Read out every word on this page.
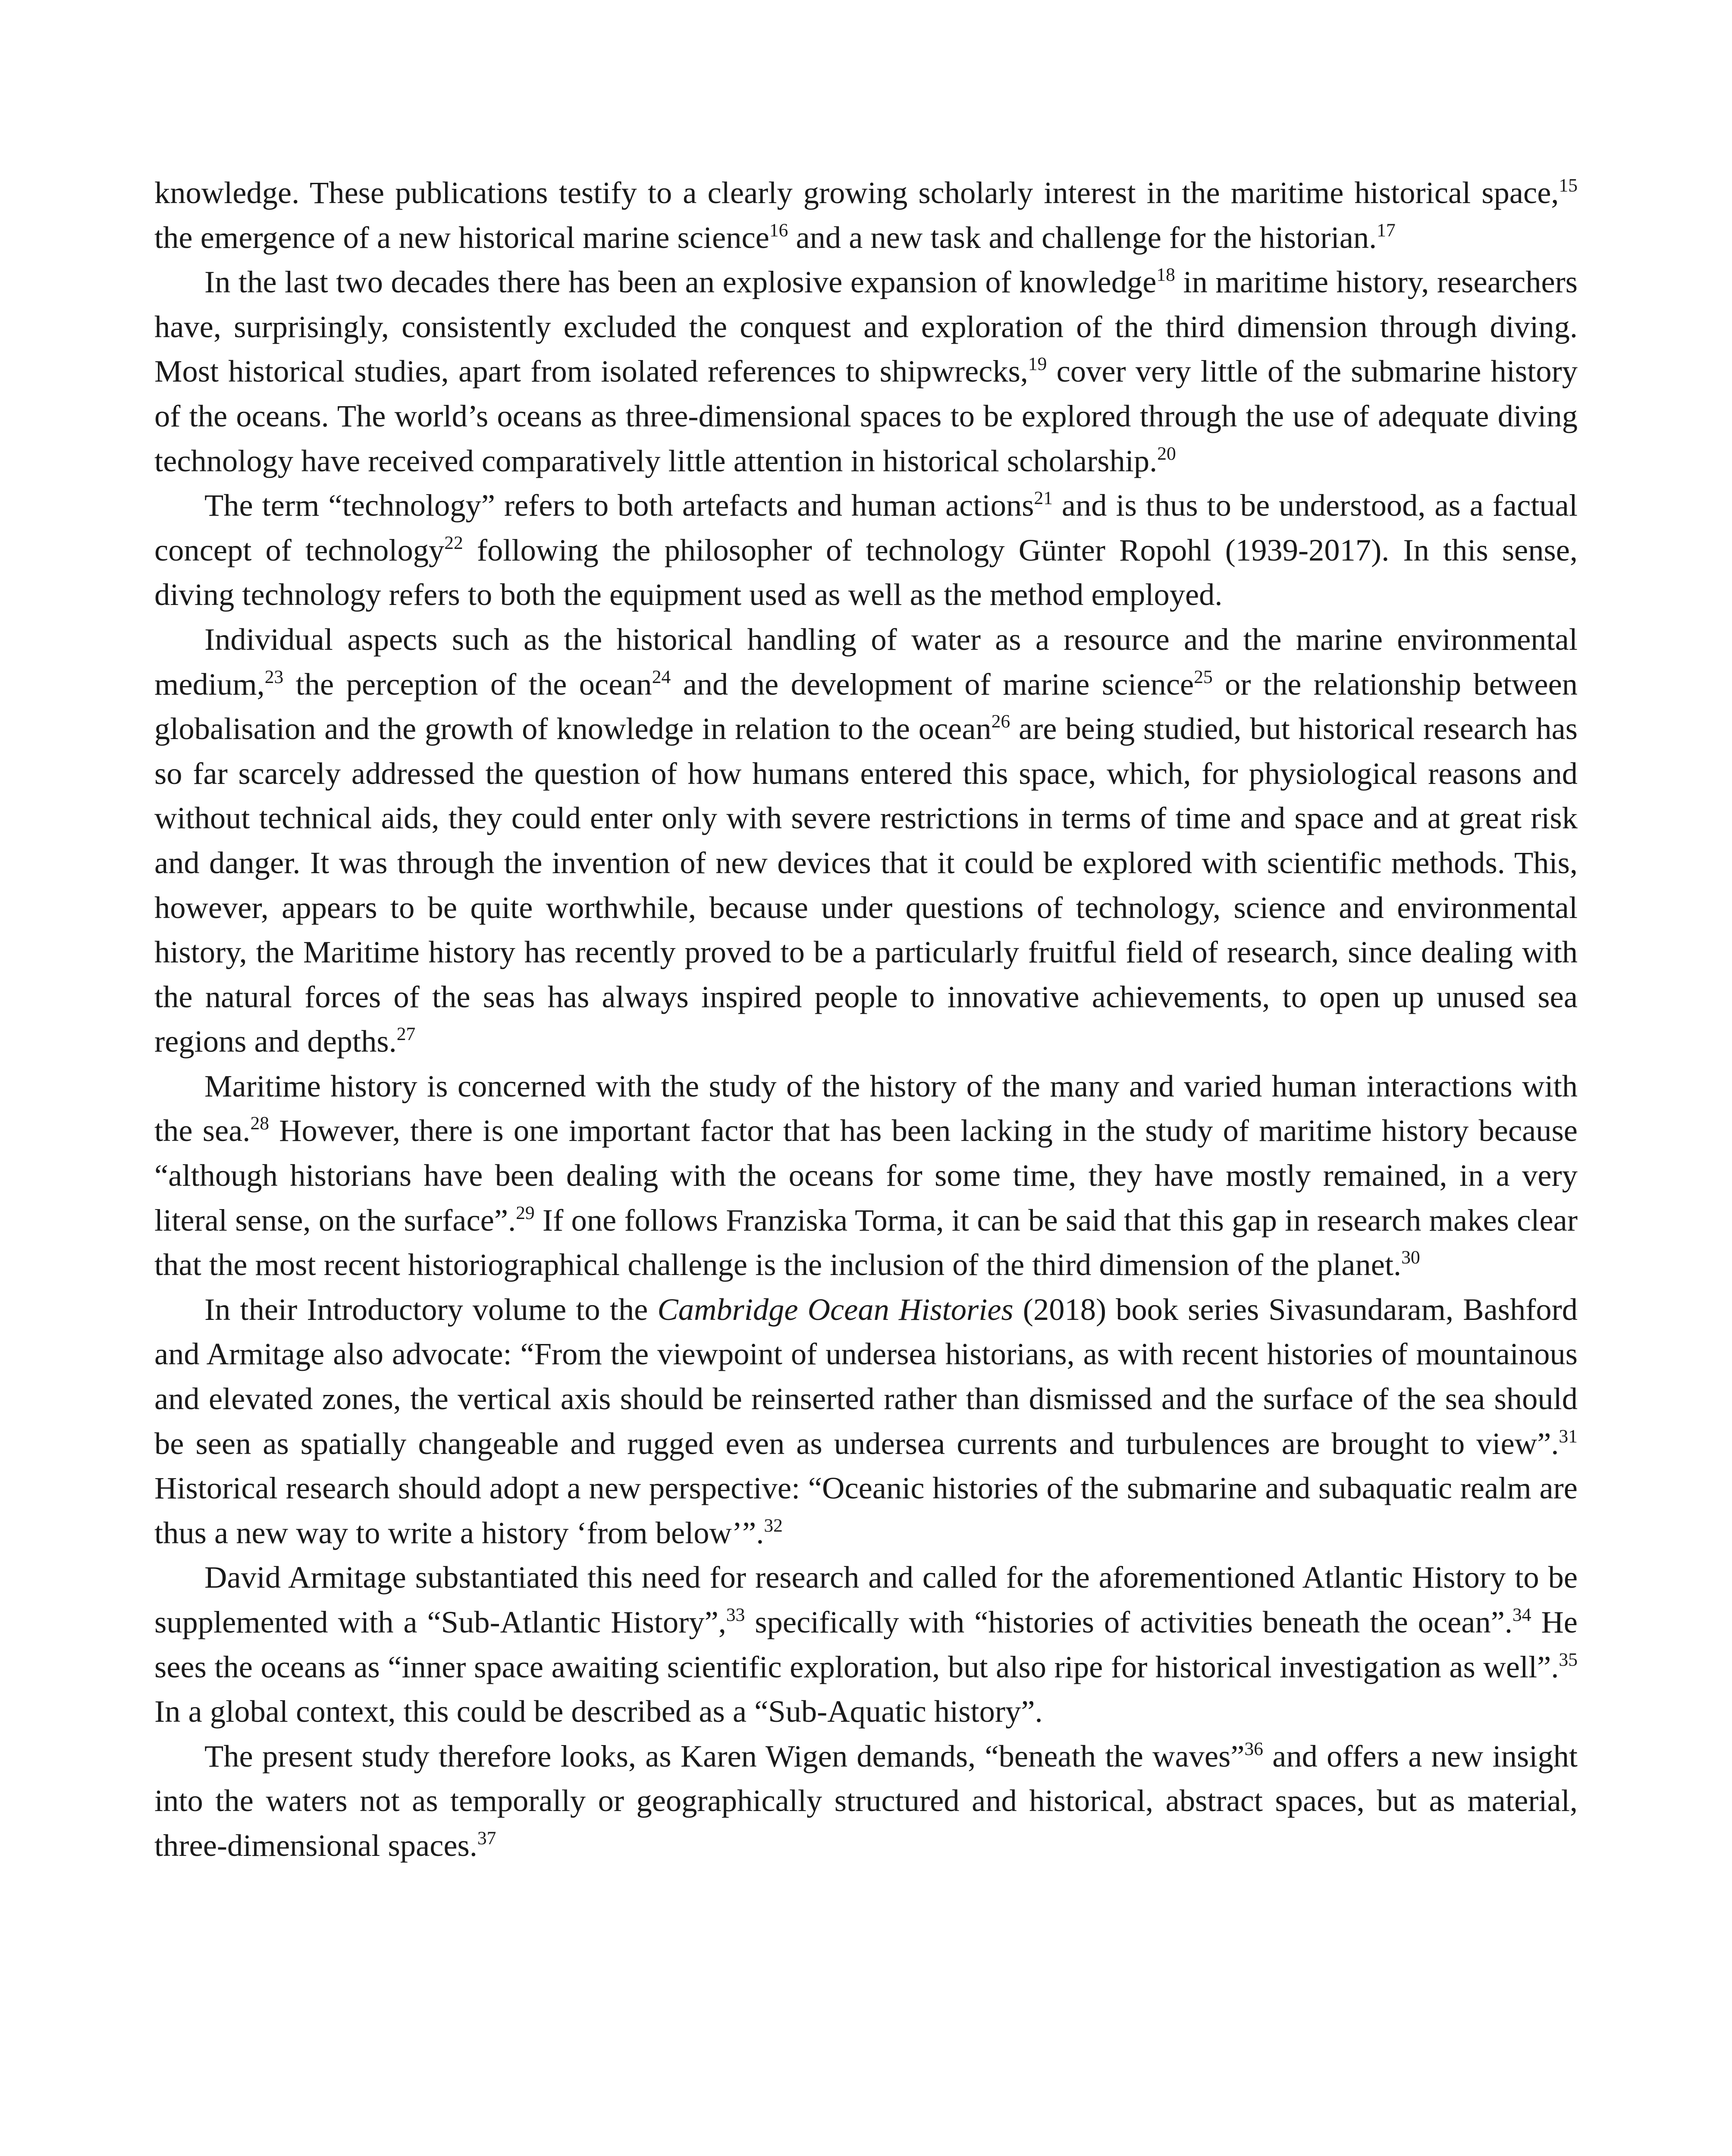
knowledge. These publications testify to a clearly growing scholarly interest in the maritime historical space,$^{15}$ the emergence of a new historical marine science$^{16}$ and a new task and challenge for the historian.$^{17}$

In the last two decades there has been an explosive expansion of knowledge$^{18}$ in maritime history, researchers have, surprisingly, consistently excluded the conquest and exploration of the third dimension through diving. Most historical studies, apart from isolated references to shipwrecks,$^{19}$ cover very little of the submarine history of the oceans. The world’s oceans as three-dimensional spaces to be explored through the use of adequate diving technology have received comparatively little attention in historical scholarship.$^{20}$

The term “technology” refers to both artefacts and human actions$^{21}$ and is thus to be understood, as a factual concept of technology$^{22}$ following the philosopher of technology Günter Ropohl (1939-2017). In this sense, diving technology refers to both the equipment used as well as the method employed.

Individual aspects such as the historical handling of water as a resource and the marine environmental medium,$^{23}$ the perception of the ocean$^{24}$ and the development of marine science$^{25}$ or the relationship between globalisation and the growth of knowledge in relation to the ocean$^{26}$ are being studied, but historical research has so far scarcely addressed the question of how humans entered this space, which, for physiological reasons and without technical aids, they could enter only with severe restrictions in terms of time and space and at great risk and danger. It was through the invention of new devices that it could be explored with scientific methods. This, however, appears to be quite worthwhile, because under questions of technology, science and environmental history, the Maritime history has recently proved to be a particularly fruitful field of research, since dealing with the natural forces of the seas has always inspired people to innovative achievements, to open up unused sea regions and depths.$^{27}$

Maritime history is concerned with the study of the history of the many and varied human interactions with the sea.$^{28}$ However, there is one important factor that has been lacking in the study of maritime history because “although historians have been dealing with the oceans for some time, they have mostly remained, in a very literal sense, on the surface”.$^{29}$ If one follows Franziska Torma, it can be said that this gap in research makes clear that the most recent historiographical challenge is the inclusion of the third dimension of the planet.$^{30}$

In their Introductory volume to the Cambridge Ocean Histories (2018) book series Sivasundaram, Bashford and Armitage also advocate: “From the viewpoint of undersea historians, as with recent histories of mountainous and elevated zones, the vertical axis should be reinserted rather than dismissed and the surface of the sea should be seen as spatially changeable and rugged even as undersea currents and turbulences are brought to view”.$^{31}$ Historical research should adopt a new perspective: “Oceanic histories of the submarine and subaquatic realm are thus a new way to write a history ‘from below’”.$^{32}$

David Armitage substantiated this need for research and called for the aforementioned Atlantic History to be supplemented with a “Sub-Atlantic History”,$^{33}$ specifically with “histories of activities beneath the ocean”.$^{34}$ He sees the oceans as “inner space awaiting scientific exploration, but also ripe for historical investigation as well”.$^{35}$ In a global context, this could be described as a “Sub-Aquatic history”.

The present study therefore looks, as Karen Wigen demands, “beneath the waves”$^{36}$ and offers a new insight into the waters not as temporally or geographically structured and historical, abstract spaces, but as material, three-dimensional spaces.$^{37}$
